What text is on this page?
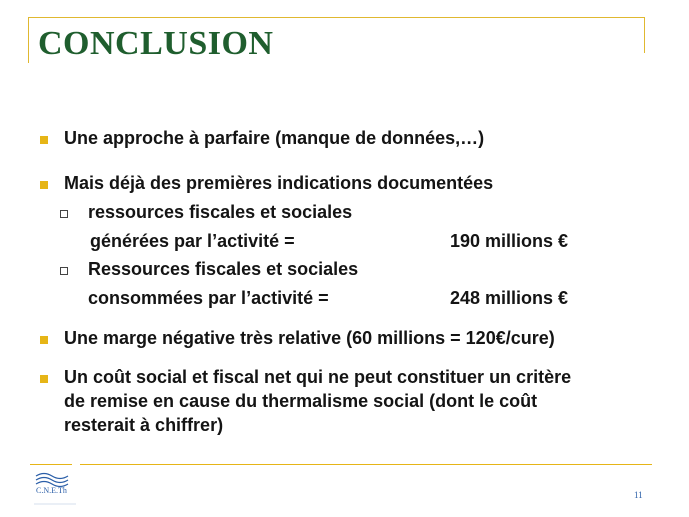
CONCLUSION
Une approche à parfaire (manque de données,…)
Mais déjà des premières indications documentées
ressources fiscales et sociales
générées par l’activité =	190 millions €
Ressources fiscales et sociales
consommées par l’activité =	248 millions €
Une marge négative très relative (60 millions = 120€/cure)
Un coût social et fiscal net qui ne peut constituer un critère
de remise en cause du thermalisme social (dont le coût
resterait à chiffrer)
C.N.E.Th	11
